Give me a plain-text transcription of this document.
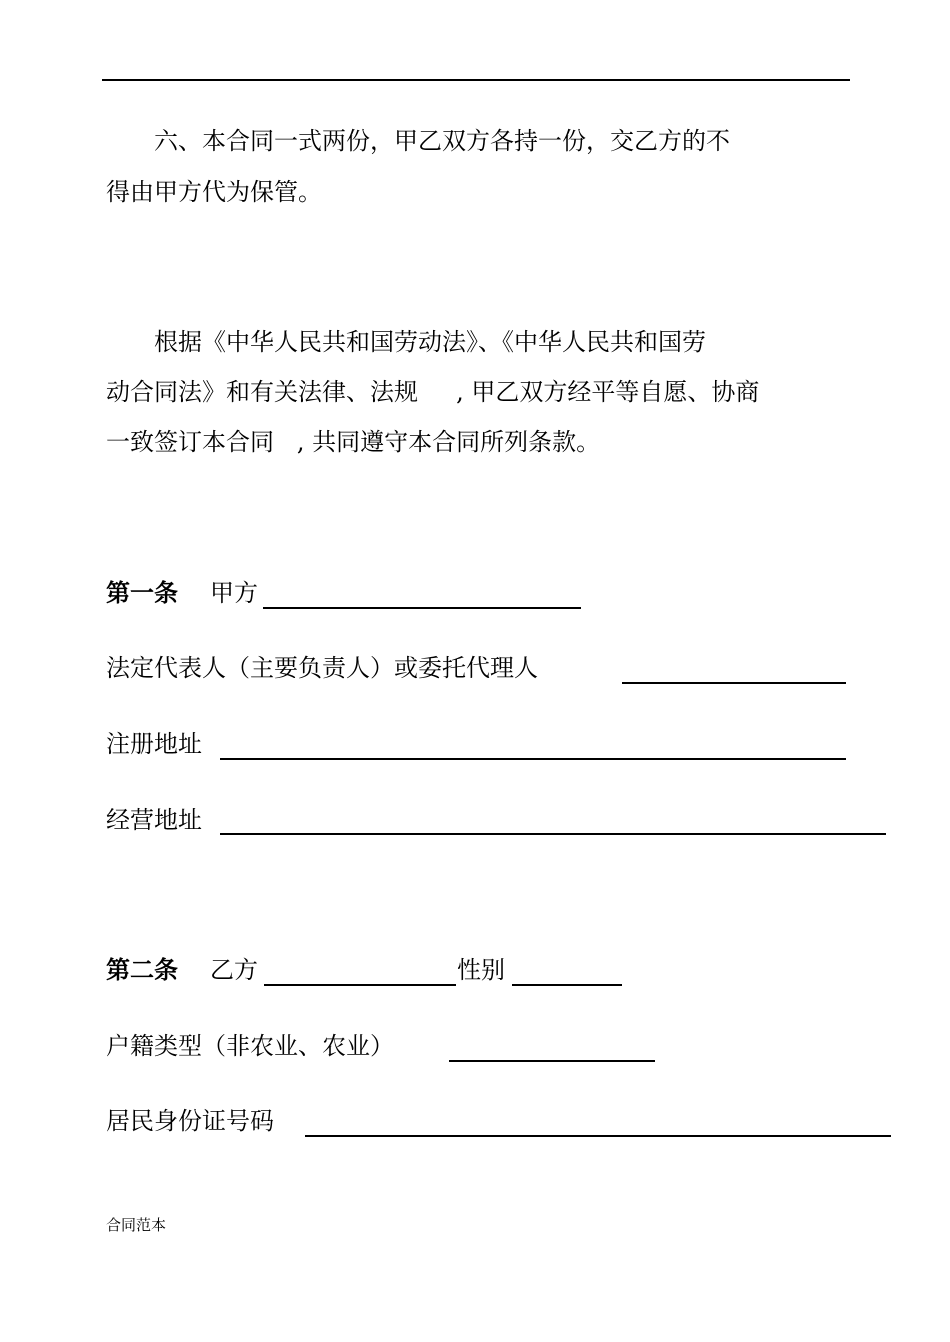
六、本合同一式两份，甲乙双方各持一份，交乙方的不
得由甲方代为保管。
根据《中华人民共和国劳动法》、《中华人民共和国劳
动合同法》和有关法律、法规     , 甲乙双方经平等自愿、协商
一致签订本合同   , 共同遵守本合同所列条款。
第一条 甲方
法定代表人（主要负责人）或委托代理人
注册地址
经营地址
第二条 乙方	性别
户籍类型（非农业、农业）
居民身份证号码
合同范本
